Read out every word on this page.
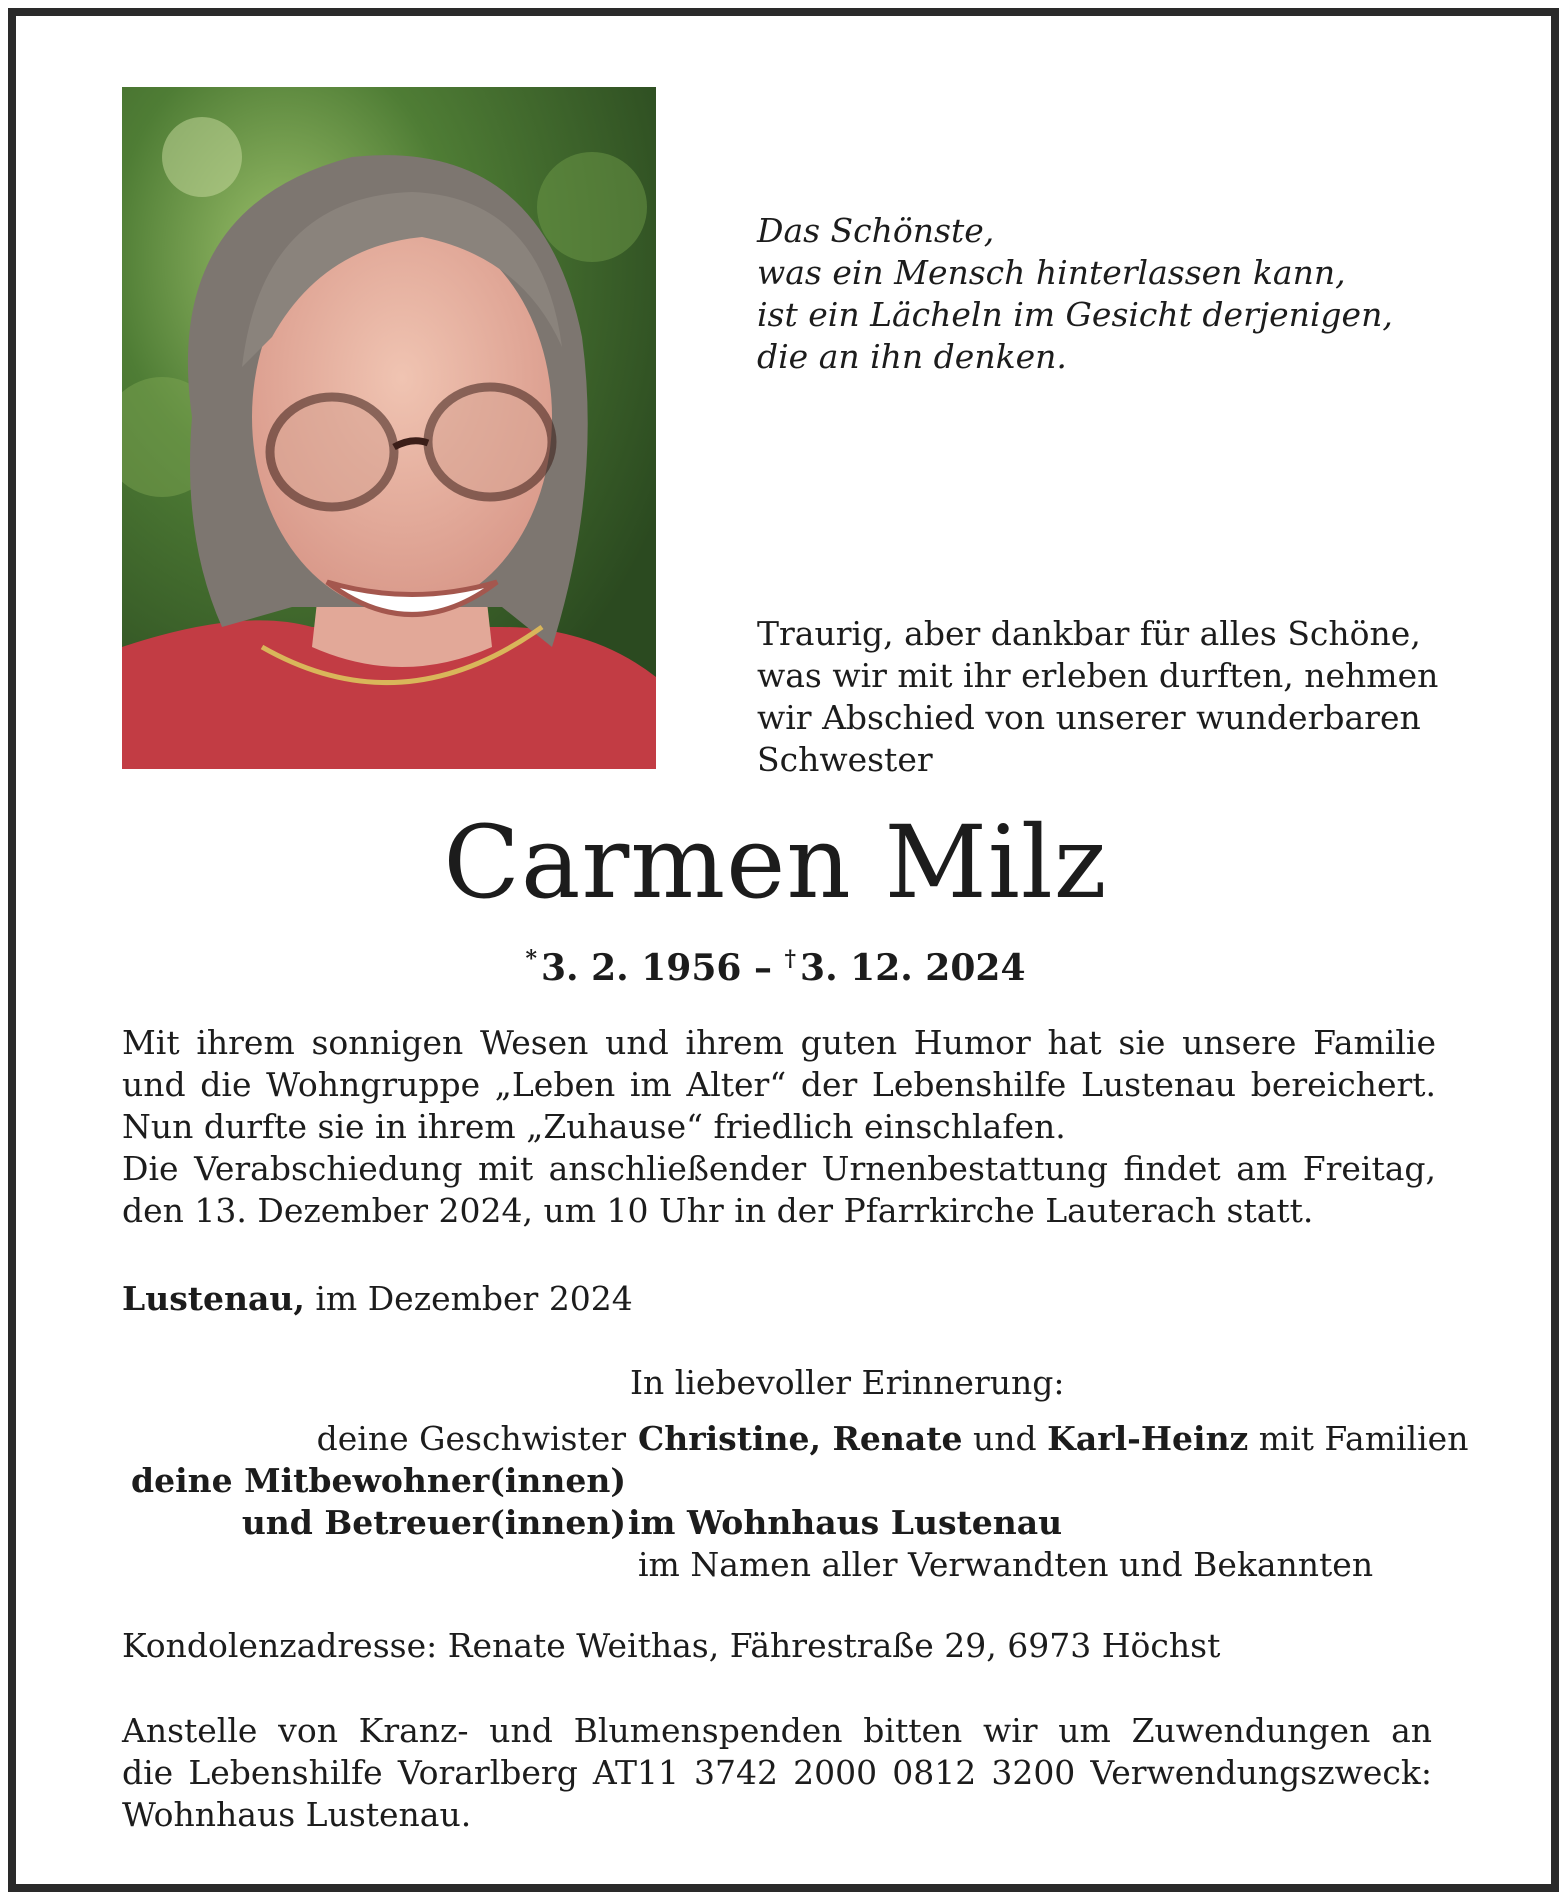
Das Schönste,
was ein Mensch hinterlassen kann,
ist ein Lächeln im Gesicht derjenigen,
die an ihn denken.
Traurig, aber dankbar für alles Schöne,
was wir mit ihr erleben durften, nehmen
wir Abschied von unserer wunderbaren
Schwester
Carmen Milz
* 3. 2. 1956 – † 3. 12. 2024
Mit ihrem sonnigen Wesen und ihrem guten Humor hat sie unsere Familie
und die Wohngruppe „Leben im Alter“ der Lebenshilfe Lustenau bereichert.
Nun durfte sie in ihrem „Zuhause“ friedlich einschlafen.
Die Verabschiedung mit anschließender Urnenbestattung findet am Freitag,
den 13. Dezember 2024, um 10 Uhr in der Pfarrkirche Lauterach statt.
Lustenau, im Dezember 2024
In liebevoller Erinnerung:
deine Geschwister Christine, Renate und Karl-Heinz mit Familien
deine Mitbewohner(innen)
und Betreuer(innen) im Wohnhaus Lustenau
im Namen aller Verwandten und Bekannten
Kondolenzadresse: Renate Weithas, Fährestraße 29, 6973 Höchst
Anstelle von Kranz- und Blumenspenden bitten wir um Zuwendungen an
die Lebenshilfe Vorarlberg AT11 3742 2000 0812 3200 Verwendungszweck:
Wohnhaus Lustenau.
